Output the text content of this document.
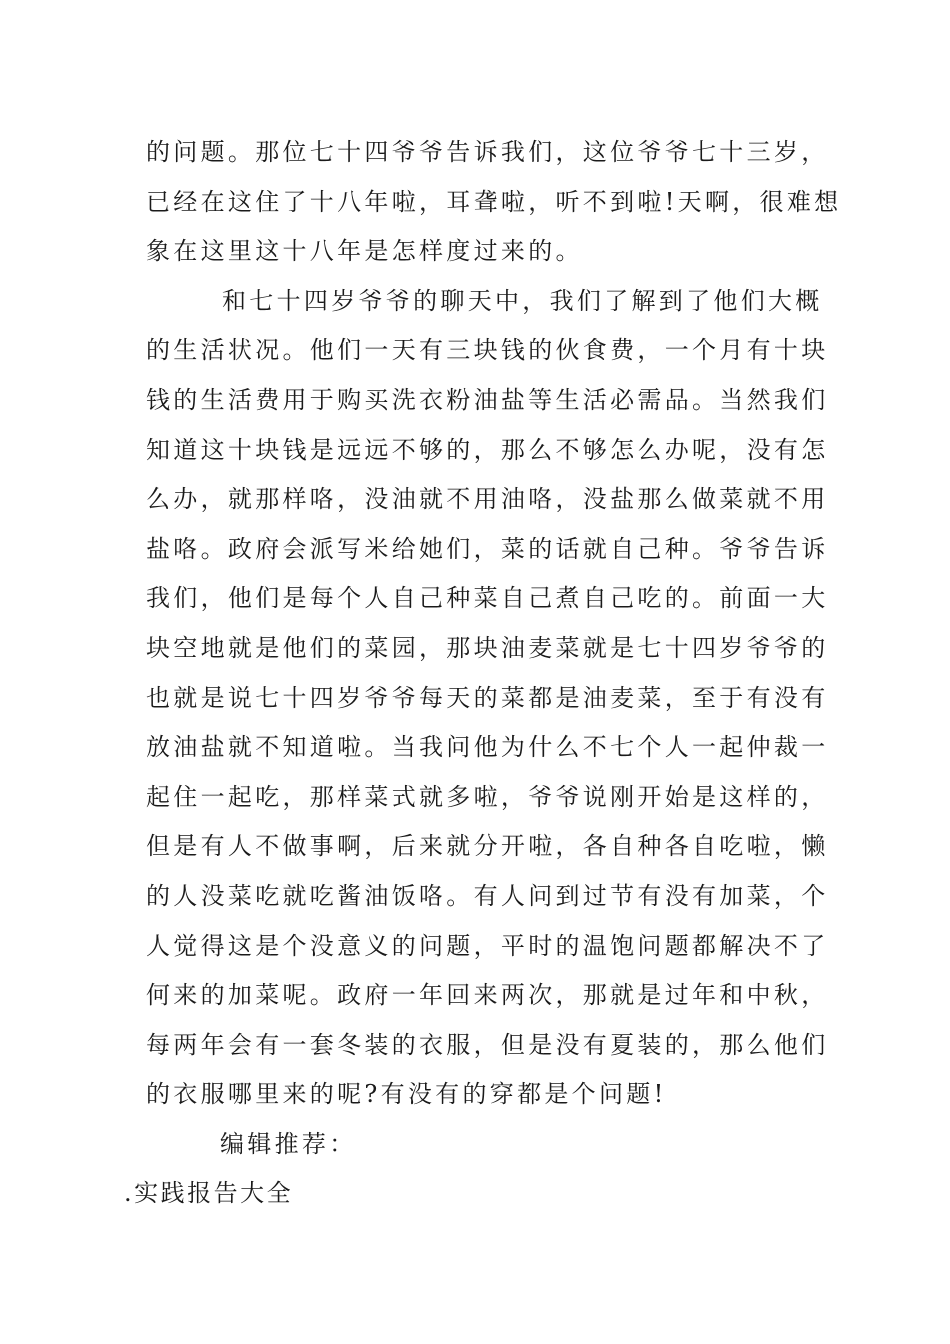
的问题。那位七十四爷爷告诉我们，这位爷爷七十三岁，
已经在这住了十八年啦，耳聋啦，听不到啦!天啊，很难想
象在这里这十八年是怎样度过来的。
和七十四岁爷爷的聊天中，我们了解到了他们大概
的生活状况。他们一天有三块钱的伙食费，一个月有十块
钱的生活费用于购买洗衣粉油盐等生活必需品。当然我们
知道这十块钱是远远不够的，那么不够怎么办呢，没有怎
么办，就那样咯，没油就不用油咯，没盐那么做菜就不用
盐咯。政府会派写米给她们，菜的话就自己种。爷爷告诉
我们，他们是每个人自己种菜自己煮自己吃的。前面一大
块空地就是他们的菜园，那块油麦菜就是七十四岁爷爷的
也就是说七十四岁爷爷每天的菜都是油麦菜，至于有没有
放油盐就不知道啦。当我问他为什么不七个人一起仲裁一
起住一起吃，那样菜式就多啦，爷爷说刚开始是这样的，
但是有人不做事啊，后来就分开啦，各自种各自吃啦，懒
的人没菜吃就吃酱油饭咯。有人问到过节有没有加菜，个
人觉得这是个没意义的问题，平时的温饱问题都解决不了
何来的加菜呢。政府一年回来两次，那就是过年和中秋，
每两年会有一套冬装的衣服，但是没有夏装的，那么他们
的衣服哪里来的呢?有没有的穿都是个问题!
编辑推荐：
.实践报告大全
